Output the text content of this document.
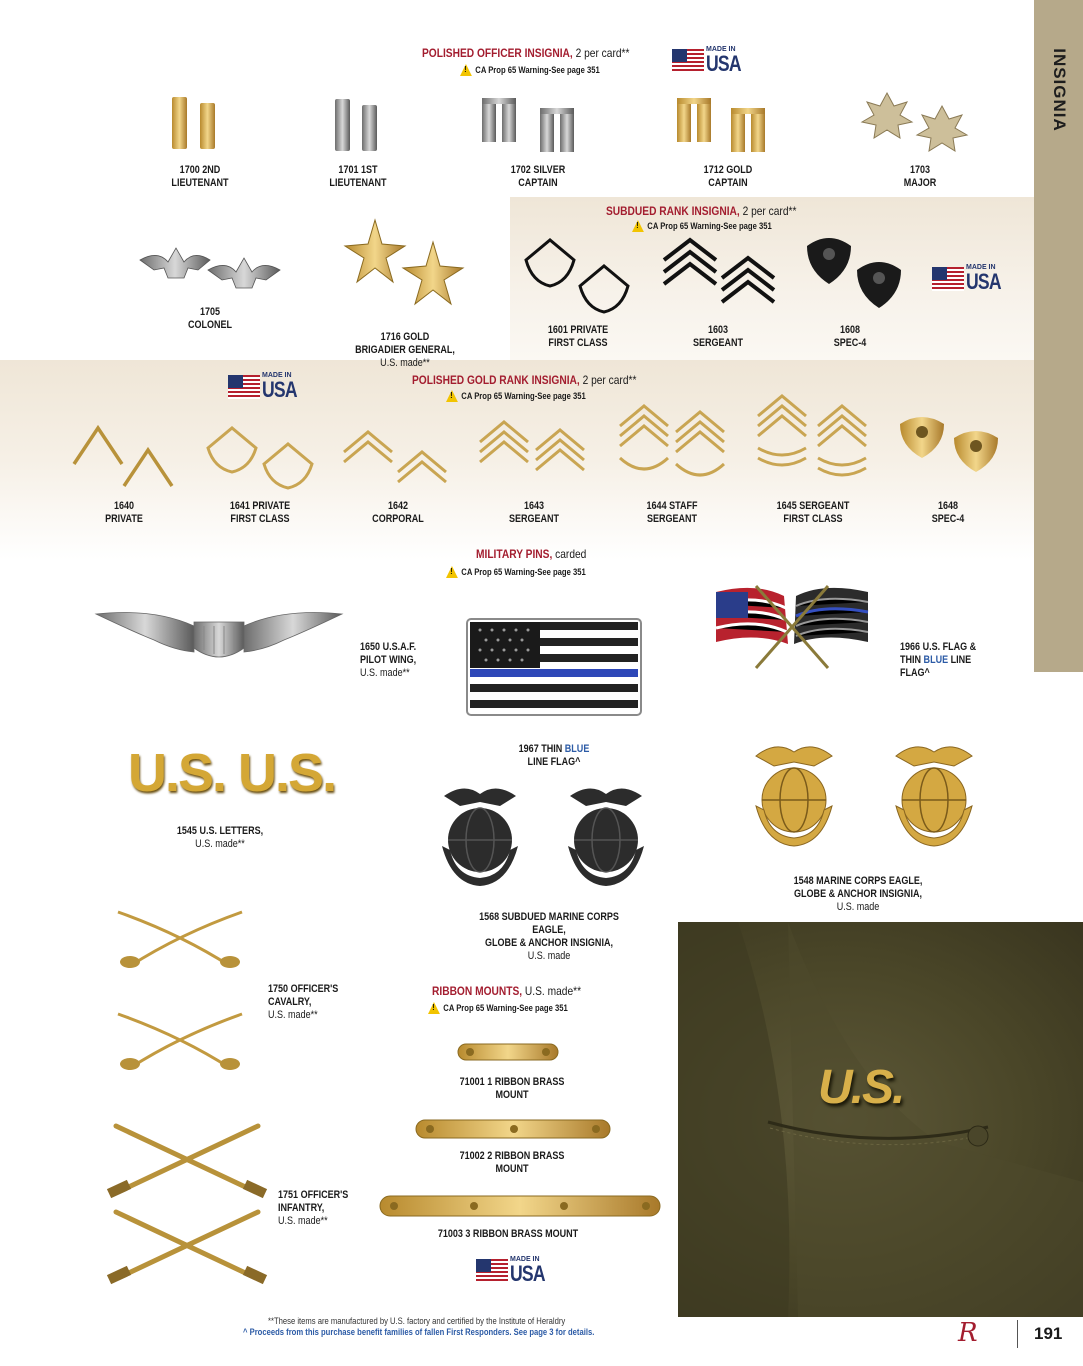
INSIGNIA
POLISHED OFFICER INSIGNIA, 2 per card**
!
CA Prop 65 Warning-See page 351
MADE IN
USA
1700 2ND
LIEUTENANT
1701 1ST
LIEUTENANT
1702 SILVER
CAPTAIN
1712 GOLD
CAPTAIN
1703
MAJOR
1705
COLONEL

1716 GOLD
BRIGADIER GENERAL,
U.S. made**

SUBDUED RANK INSIGNIA, 2 per card**
!
CA Prop 65 Warning-See page 351
MADE IN
USA
1601 PRIVATE
FIRST CLASS
1603
SERGEANT
1608
SPEC-4
MADE IN
USA	POLISHED GOLD RANK INSIGNIA, 2 per card**
!
CA Prop 65 Warning-See page 351
1640
PRIVATE
1641 PRIVATE
FIRST CLASS
1642
CORPORAL
1643
SERGEANT
1644 STAFF
SERGEANT
1645 SERGEANT
FIRST CLASS
1648
SPEC-4
MILITARY PINS, carded
!
CA Prop 65 Warning-See page 351

1650 U.S.A.F.
PILOT WING,
U.S. made**

1967 THIN BLUE
LINE FLAG^

1966 U.S. FLAG &
THIN BLUE LINE
FLAG^

U.S. U.S.

1545 U.S. LETTERS,
U.S. made**

1568 SUBDUED MARINE CORPS EAGLE,
GLOBE & ANCHOR INSIGNIA,
U.S. made

1548 MARINE CORPS EAGLE,
GLOBE & ANCHOR INSIGNIA,
U.S. made

1750 OFFICER'S
CAVALRY,
U.S. made**

1751 OFFICER'S
INFANTRY,
U.S. made**

RIBBON MOUNTS, U.S. made**
!
CA Prop 65 Warning-See page 351
71001 1 RIBBON BRASS
MOUNT
71002 2 RIBBON BRASS
MOUNT
71003 3 RIBBON BRASS MOUNT
MADE IN
USA
U.S.
**These items are manufactured by U.S. factory and certified by the Institute of Heraldry
^ Proceeds from this purchase benefit families of fallen First Responders. See page 3 for details.	R	191
